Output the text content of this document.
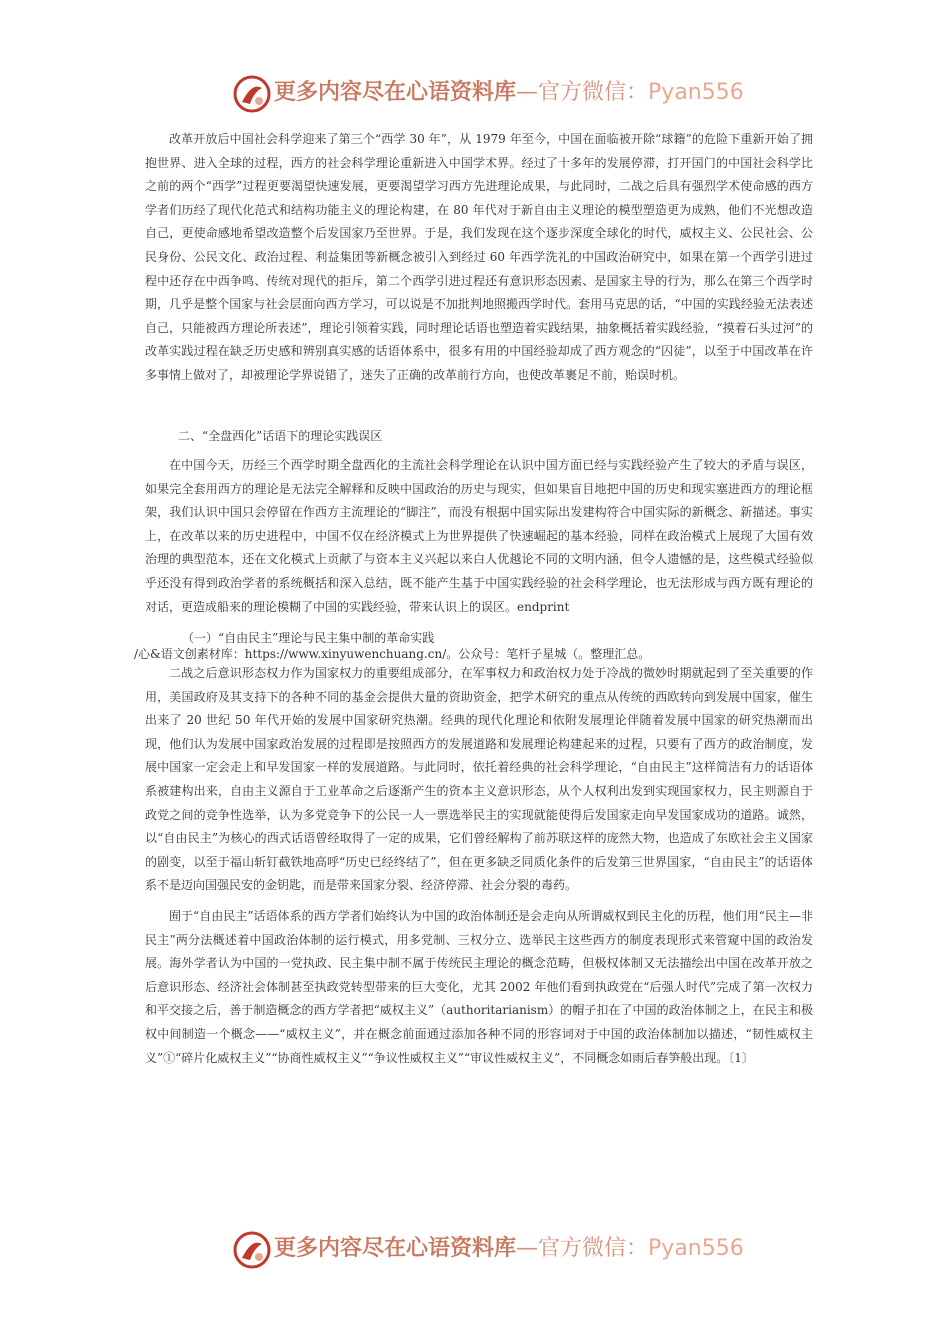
更多内容尽在心语资料库—官方微信：Pyan556

改革开放后中国社会科学迎来了第三个“西学 30 年”，从 1979 年至今，中国在面临被开除“球籍”的危险下重新开始了拥抱世界、进入全球的过程，西方的社会科学理论重新进入中国学术界。经过了十多年的发展停滞，打开国门的中国社会科学比之前的两个“西学”过程更要渴望快速发展，更要渴望学习西方先进理论成果，与此同时，二战之后具有强烈学术使命感的西方学者们历经了现代化范式和结构功能主义的理论构建，在 80 年代对于新自由主义理论的模型塑造更为成熟，他们不光想改造自己，更使命感地希望改造整个后发国家乃至世界。于是，我们发现在这个逐步深度全球化的时代，威权主义、公民社会、公民身份、公民文化、政治过程、利益集团等新概念被引入到经过 60 年西学洗礼的中国政治研究中，如果在第一个西学引进过程中还存在中西争鸣、传统对现代的拒斥，第二个西学引进过程还有意识形态因素、是国家主导的行为，那么在第三个西学时期，几乎是整个国家与社会层面向西方学习，可以说是不加批判地照搬西学时代。套用马克思的话，“中国的实践经验无法表述自己，只能被西方理论所表述”，理论引领着实践，同时理论话语也塑造着实践结果，抽象概括着实践经验，“摸着石头过河”的改革实践过程在缺乏历史感和辨别真实感的话语体系中，很多有用的中国经验却成了西方观念的“囚徒”，以至于中国改革在许多事情上做对了，却被理论学界说错了，迷失了正确的改革前行方向，也使改革裹足不前，贻误时机。

二、“全盘西化”话语下的理论实践误区

在中国今天，历经三个西学时期全盘西化的主流社会科学理论在认识中国方面已经与实践经验产生了较大的矛盾与误区，如果完全套用西方的理论是无法完全解释和反映中国政治的历史与现实，但如果盲目地把中国的历史和现实塞进西方的理论框架，我们认识中国只会停留在作西方主流理论的“脚注”，而没有根据中国实际出发建构符合中国实际的新概念、新描述。事实上，在改革以来的历史进程中，中国不仅在经济模式上为世界提供了快速崛起的基本经验，同样在政治模式上展现了大国有效治理的典型范本，还在文化模式上贡献了与资本主义兴起以来白人优越论不同的文明内涵，但令人遗憾的是，这些模式经验似乎还没有得到政治学者的系统概括和深入总结，既不能产生基于中国实践经验的社会科学理论，也无法形成与西方既有理论的对话，更造成船来的理论模糊了中国的实践经验，带来认识上的误区。endprint

（一）“自由民主”理论与民主集中制的革命实践
/心&语文创素材库：https://www.xinyuwenchuang.cn/。公众号：笔杆子星城（。整理汇总。

二战之后意识形态权力作为国家权力的重要组成部分，在军事权力和政治权力处于冷战的微妙时期就起到了至关重要的作用，美国政府及其支持下的各种不同的基金会提供大量的资助资金，把学术研究的重点从传统的西欧转向到发展中国家，催生出来了 20 世纪 50 年代开始的发展中国家研究热潮。经典的现代化理论和依附发展理论伴随着发展中国家的研究热潮而出现，他们认为发展中国家政治发展的过程即是按照西方的发展道路和发展理论构建起来的过程，只要有了西方的政治制度，发展中国家一定会走上和早发国家一样的发展道路。与此同时，依托着经典的社会科学理论，“自由民主”这样简洁有力的话语体系被建构出来，自由主义源自于工业革命之后逐渐产生的资本主义意识形态，从个人权利出发到实现国家权力，民主则源自于政党之间的竞争性选举，认为多党竞争下的公民一人一票选举民主的实现就能使得后发国家走向早发国家成功的道路。诚然，以“自由民主”为核心的西式话语曾经取得了一定的成果，它们曾经解构了前苏联这样的庞然大物，也造成了东欧社会主义国家的剧变，以至于福山斩钉截铁地高呼“历史已经终结了”，但在更多缺乏同质化条件的后发第三世界国家，“自由民主”的话语体系不是迈向国强民安的金钥匙，而是带来国家分裂、经济停滞、社会分裂的毒药。

囿于“自由民主”话语体系的西方学者们始终认为中国的政治体制还是会走向从所谓威权到民主化的历程，他们用“民主—非民主”两分法概述着中国政治体制的运行模式，用多党制、三权分立、选举民主这些西方的制度表现形式来管窥中国的政治发展。海外学者认为中国的一党执政、民主集中制不属于传统民主理论的概念范畴，但极权体制又无法描绘出中国在改革开放之后意识形态、经济社会体制甚至执政党转型带来的巨大变化，尤其 2002 年他们看到执政党在“后强人时代”完成了第一次权力和平交接之后，善于制造概念的西方学者把“威权主义”（authoritarianism）的帽子扣在了中国的政治体制之上，在民主和极权中间制造一个概念——“威权主义”，并在概念前面通过添加各种不同的形容词对于中国的政治体制加以描述，“韧性威权主义”①“碎片化威权主义”“协商性威权主义”“争议性威权主义”“审议性威权主义”，不同概念如雨后春笋般出现。〔1〕

更多内容尽在心语资料库—官方微信：Pyan556
